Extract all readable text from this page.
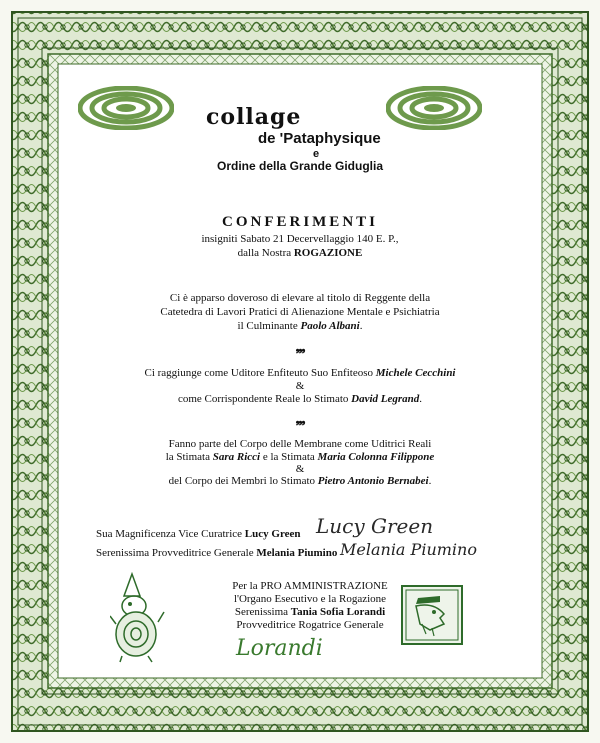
collage
de 'Pataphysique
e
Ordine della Grande Giduglia
CONFERIMENTI
insigniti Sabato 21 Decervellaggio 140 E. P.,
dalla Nostra ROGAZIONE
Ci è apparso doveroso di elevare al titolo di Reggente della
Catetedra di Lavori Pratici di Alienazione Mentale e Psichiatria
il Culminante Paolo Albani.
❟❟❟
Ci raggiunge come Uditore Enfiteuto Suo Enfiteoso Michele Cecchini
&
come Corrispondente Reale lo Stimato David Legrand.
❟❟❟
Fanno parte del Corpo delle Membrane come Uditrici Reali
la Stimata Sara Ricci e la Stimata Maria Colonna Filippone
&
del Corpo dei Membri lo Stimato Pietro Antonio Bernabei.
Sua Magnificenza Vice Curatrice Lucy Green Lucy Green
Serenissima Provveditrice Generale Melania Piumino Melania Piumino
Per la PRO AMMINISTRAZIONE
l'Organo Esecutivo e la Rogazione
Serenissima Tania Sofia Lorandi
Provveditrice Rogatrice Generale
Lorandi
